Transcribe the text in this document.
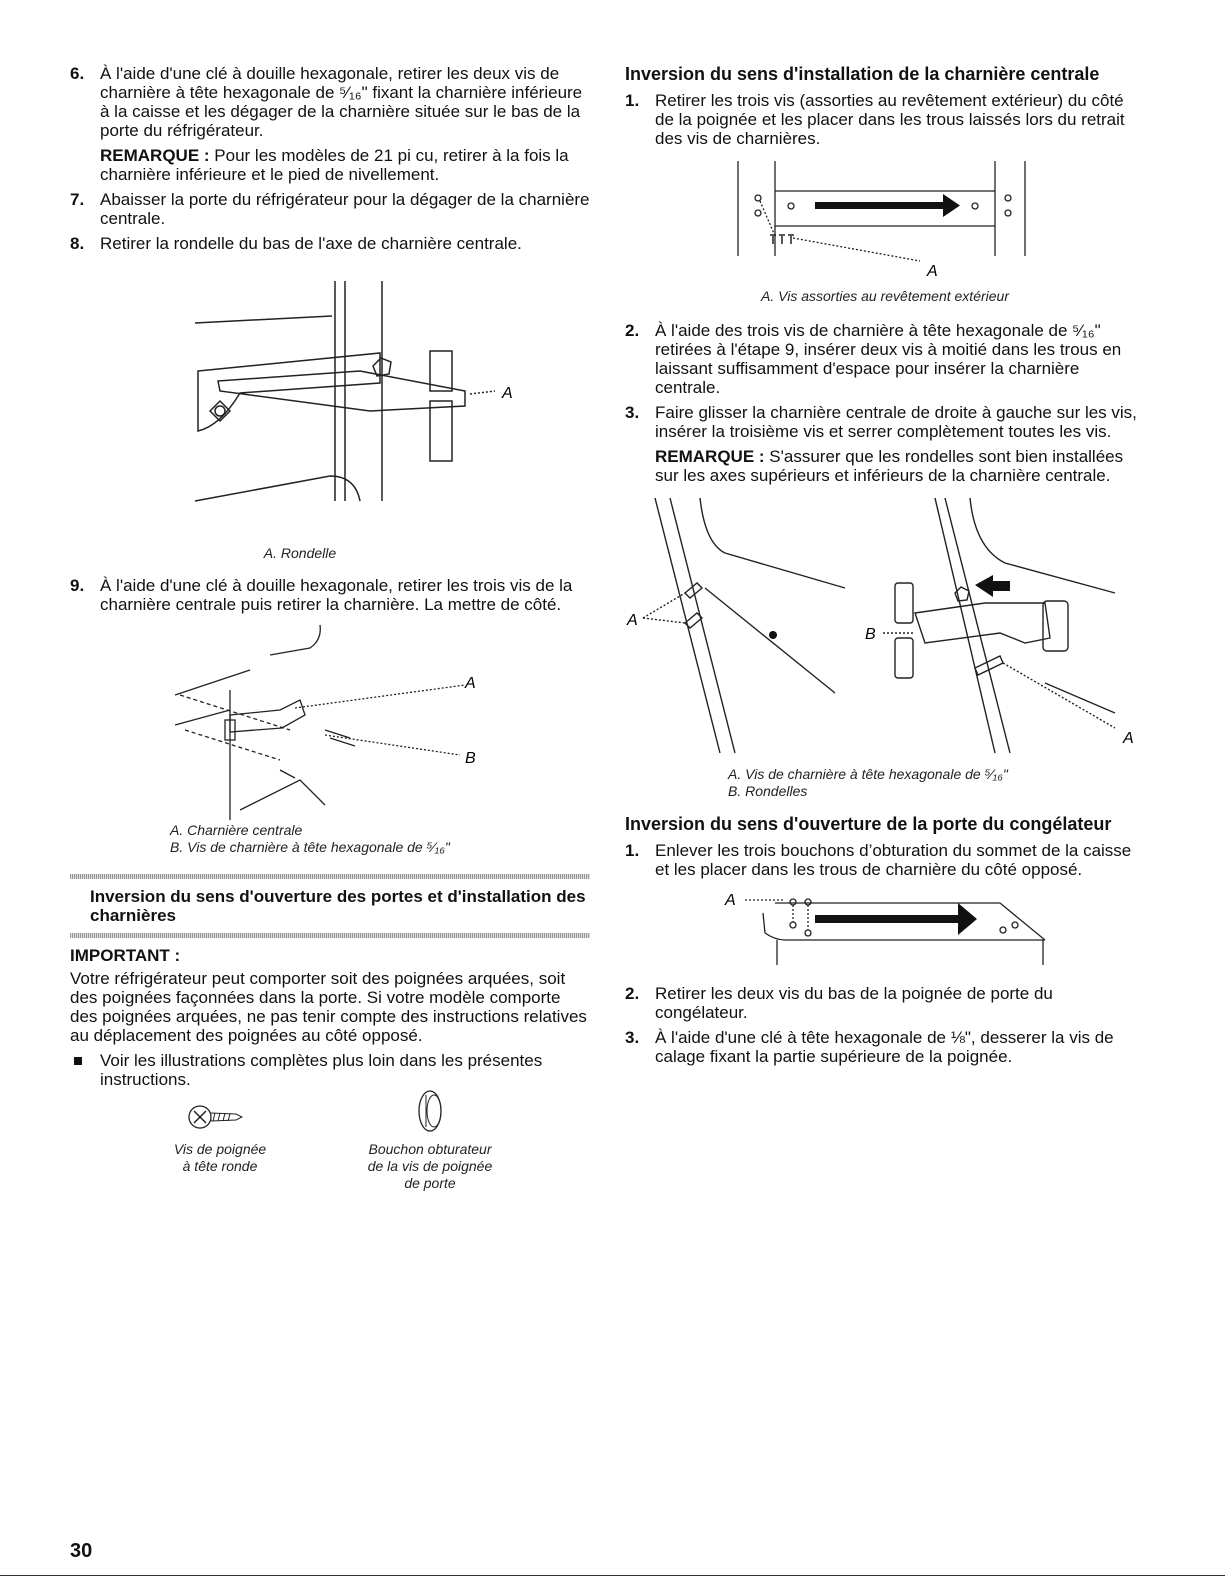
6. À l'aide d'une clé à douille hexagonale, retirer les deux vis de charnière à tête hexagonale de ⁵⁄₁₆" fixant la charnière inférieure à la caisse et les dégager de la charnière située sur le bas de la porte du réfrigérateur.
REMARQUE : Pour les modèles de 21 pi cu, retirer à la fois la charnière inférieure et le pied de nivellement.
7. Abaisser la porte du réfrigérateur pour la dégager de la charnière centrale.
8. Retirer la rondelle du bas de l'axe de charnière centrale.
A
A. Rondelle
9. À l'aide d'une clé à douille hexagonale, retirer les trois vis de la charnière centrale puis retirer la charnière. La mettre de côté.
A
B
A. Charnière centrale
B. Vis de charnière à tête hexagonale de ⁵⁄₁₆"
Inversion du sens d'ouverture des portes et d'installation des charnières
IMPORTANT :
Votre réfrigérateur peut comporter soit des poignées arquées, soit des poignées façonnées dans la porte. Si votre modèle comporte des poignées arquées, ne pas tenir compte des instructions relatives au déplacement des poignées au côté opposé.
Voir les illustrations complètes plus loin dans les présentes instructions.
Vis de poignée
à tête ronde
Bouchon obturateur
de la vis de poignée
de porte
Inversion du sens d'installation de la charnière centrale
1. Retirer les trois vis (assorties au revêtement extérieur) du côté de la poignée et les placer dans les trous laissés lors du retrait des vis de charnières.
A
A. Vis assorties au revêtement extérieur
2. À l'aide des trois vis de charnière à tête hexagonale de ⁵⁄₁₆" retirées à l'étape 9, insérer deux vis à moitié dans les trous en laissant suffisamment d'espace pour insérer la charnière centrale.
3. Faire glisser la charnière centrale de droite à gauche sur les vis, insérer la troisième vis et serrer complètement toutes les vis.
REMARQUE : S'assurer que les rondelles sont bien installées sur les axes supérieurs et inférieurs de la charnière centrale.
A
B
A
A. Vis de charnière à tête hexagonale de ⁵⁄₁₆"
B. Rondelles
Inversion du sens d'ouverture de la porte du congélateur
1. Enlever les trois bouchons d’obturation du sommet de la caisse et les placer dans les trous de charnière du côté opposé.
A
2. Retirer les deux vis du bas de la poignée de porte du congélateur.
3. À l'aide d'une clé à tête hexagonale de ⅛", desserer la vis de calage fixant la partie supérieure de la poignée.
30
